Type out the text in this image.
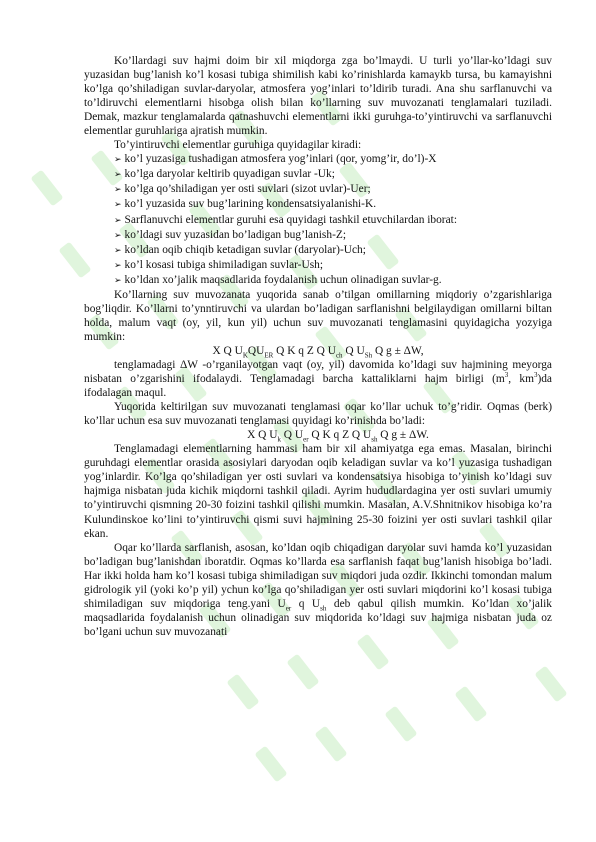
Ko’llardagi suv hajmi doim bir xil miqdorga zga bo’lmaydi. U turli yo’llar-ko’ldagi suv yuzasidan bug’lanish ko’l kosasi tubiga shimilish kabi ko’rinishlarda kamaykb tursa, bu kamayishni ko’lga qo’shiladigan suvlar-daryolar, atmosfera yog’inlari to’ldirib turadi. Ana shu sarflanuvchi va to’ldiruvchi elementlarni hisobga olish bilan ko’llarning suv muvozanati tenglamalari tuziladi. Demak, mazkur tenglamalarda qatnashuvchi elementlarni ikki guruhga-to’yintiruvchi va sarflanuvchi elementlar guruhlariga ajratish mumkin.

To’yintiruvchi elementlar guruhiga quyidagilar kiradi:

➢ ko’l yuzasiga tushadigan atmosfera yog’inlari (qor, yomg’ir, do’l)-X
➢ ko’lga daryolar keltirib quyadigan suvlar -Uk;
➢ ko’lga qo’shiladigan yer osti suvlari (sizot uvlar)-Uer;
➢ ko’l yuzasida suv bug’larining kondensatsiyalanishi-K.
➢ Sarflanuvchi elementlar guruhi esa quyidagi tashkil etuvchilardan iborat:
➢ ko’ldagi suv yuzasidan bo’ladigan bug’lanish-Z;
➢ ko’ldan oqib chiqib ketadigan suvlar (daryolar)-Uch;
➢ ko’l kosasi tubiga shimiladigan suvlar-Ush;
➢ ko’ldan xo’jalik maqsadlarida foydalanish uchun olinadigan suvlar-g.

Ko’llarning suv muvozanata yuqorida sanab o’tilgan omillarning miqdoriy o’zgarishlariga bog’liqdir. Ko’llarni to’ynntiruvchi va ulardan bo’ladigan sarflanishni belgilaydigan omillarni biltan holda, malum vaqt (oy, yil, kun yil) uchun suv muvozanati tenglamasini quyidagicha yozyiga mumkin:

X Q $U_KQU_{ER}$ Q K q Z Q $U_{ch}$ Q $U_{Sh}$ Q g ± ΔW,

tenglamadagi ΔW -o’rganilayotgan vaqt (oy, yil) davomida ko’ldagi suv hajmining meyorga nisbatan o’zgarishini ifodalaydi. Tenglamadagi barcha kattaliklarni hajm birligi ($m^3$, $km^3)da$ ifodalagan maqul.

Yuqorida keltirilgan suv muvozanati tenglamasi oqar ko’llar uchuk to’g’ridir. Oqmas (berk) ko’llar uchun esa suv muvozanati tenglamasi quyidagi ko’rinishda bo’ladi:

X Q $U_k$ Q $U_{er}$ Q K q Z Q $U_{sh}$ Q g ± ΔW.

Tenglamadagi elementlarning hammasi ham bir xil ahamiyatga ega emas. Masalan, birinchi guruhdagi elementlar orasida asosiylari daryodan oqib keladigan suvlar va ko’l yuzasiga tushadigan yog’inlardir. Ko’lga qo’shiladigan yer osti suvlari va kondensatsiya hisobiga to’yinish ko’ldagi suv hajmiga nisbatan juda kichik miqdorni tashkil qiladi. Ayrim hududlardagina yer osti suvlari umumiy to’yintiruvchi qismning 20-30 foizini tashkil qilishi mumkin. Masalan, A.V.Shnitnikov hisobiga ko’ra Kulundinskoe ko’lini to’yintiruvchi qismi suvi hajmining 25-30 foizini yer osti suvlari tashkil qilar ekan.

Oqar ko’llarda sarflanish, asosan, ko’ldan oqib chiqadigan daryolar suvi hamda ko’l yuzasidan bo’ladigan bug’lanishdan iboratdir. Oqmas ko’llarda esa sarflanish faqat bug’lanish hisobiga bo’ladi. Har ikki holda ham ko’l kosasi tubiga shimiladigan suv miqdori juda ozdir. Ikkinchi tomondan malum gidrologik yil (yoki ko’p yil) ychun ko’lga qo’shiladigan yer osti suvlari miqdorini ko’l kosasi tubiga shimiladigan suv miqdoriga teng.yani $U_{er}$ q $U_{sh}$ deb qabul qilish mumkin. Ko’ldan xo’jalik maqsadlarida foydalanish uchun olinadigan suv miqdorida ko’ldagi suv hajmiga nisbatan juda oz bo’lgani uchun suv muvozanati
